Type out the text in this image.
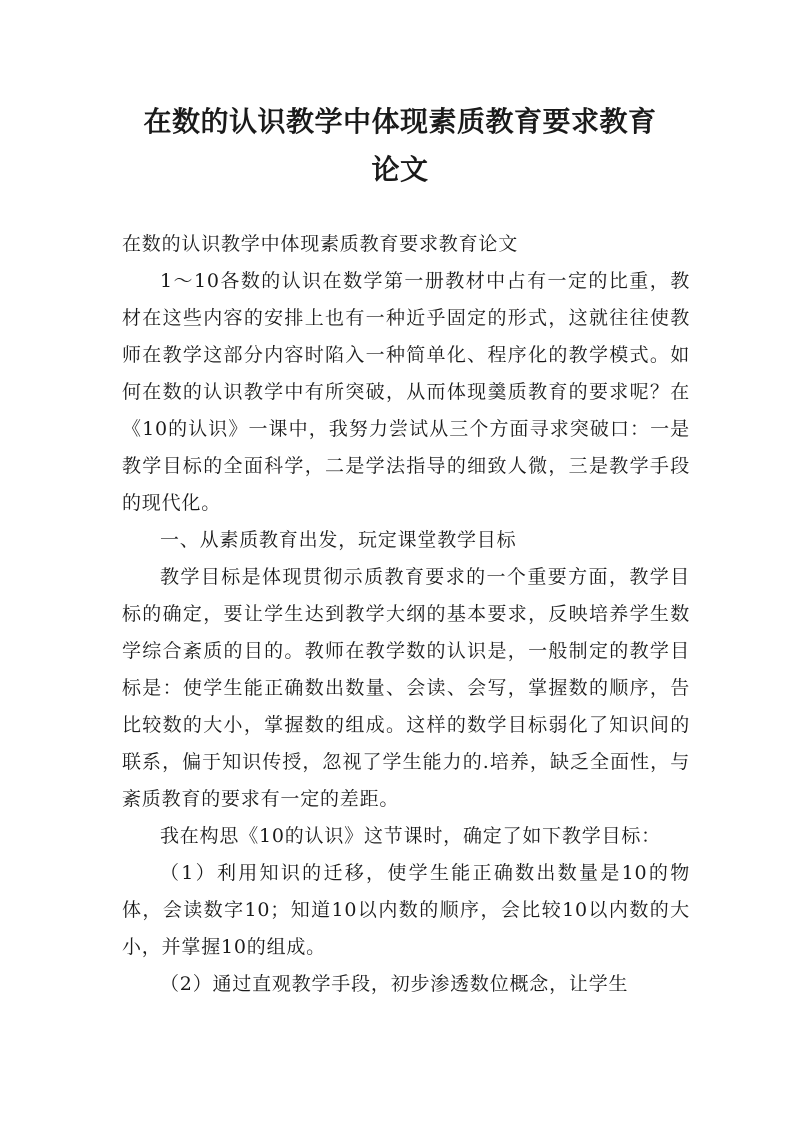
在数的认识教学中体现素质教育要求教育
论文

在数的认识教学中体现素质教育要求教育论文

1～10各数的认识在数学第一册教材中占有一定的比重，教材在这些内容的安排上也有一种近乎固定的形式，这就往往使教师在教学这部分内容时陷入一种简单化、程序化的教学模式。如何在数的认识教学中有所突破，从而体现羹质教育的要求呢？在《10的认识》一课中，我努力尝试从三个方面寻求突破口：一是教学目标的全面科学，二是学法指导的细致人微，三是教学手段的现代化。

一、从素质教育出发，玩定课堂教学目标

教学目标是体现贯彻示质教育要求的一个重要方面，教学目标的确定，要让学生达到教学大纲的基本要求，反映培养学生数学综合紊质的目的。教师在教学数的认识是，一般制定的教学目标是：使学生能正确数出数量、会读、会写，掌握数的顺序，告比较数的大小，掌握数的组成。这样的数学目标弱化了知识间的联系，偏于知识传授，忽视了学生能力的.培养，缺乏全面性，与紊质教育的要求有一定的差距。

我在构思《10的认识》这节课时，确定了如下教学目标：

（1）利用知识的迁移，使学生能正确数出数量是10的物体，会读数字10；知道10以内数的顺序，会比较10以内数的大小，并掌握10的组成。

（2）通过直观教学手段，初步渗透数位概念，让学生
